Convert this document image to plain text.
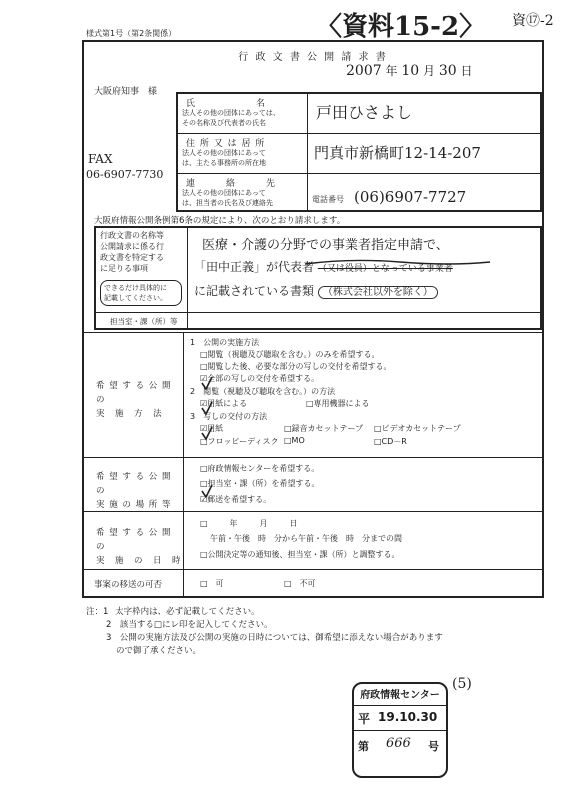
〈資料15-2〉 資⑰-2
様式第1号（第2条関係）
行 政 文 書 公 開 請 求 書
2007 年 10 月 30 日
大阪府知事　様
FAX
06-6907-7730
氏　　　　　　名
法人その他の団体にあっては、
その名称及び代表者の氏名
戸田ひさよし
住 所 又 は 居 所
法人その他の団体にあって
は、主たる事務所の所在地
門真市新橋町12-14-207
連　　　絡　　　先
法人その他の団体にあって
は、担当者の氏名及び連絡先	電話番号 (06)6907-7727
大阪府情報公開条例第6条の規定により、次のとおり請求します。
行政文書の名称等
公開請求に係る行
政文書を特定する
に足りる事項
できるだけ具体的に
記載してください。
医療・介護の分野での事業者指定申請で、
「田中正義」が代表者 （又は役員）となっている事業者
に記載されている書類 （株式会社以外を除く）
担当室・課（所）等
希 望 す る 公 開 の
実　施　方　法
1　公開の実施方法
□閲覧（視聴及び聴取を含む。）のみを希望する。
□閲覧した後、必要な部分の写しの交付を希望する。
☑全部の写しの交付を希望する。
2　閲覧（視聴及び聴取を含む。）の方法
☑用紙による	□専用機器による
3　写しの交付の方法
☑用紙	□録音カセットテープ □ビデオカセットテープ
□フロッピーディスク □MO	□CD－R
希 望 す る 公 開 の
実 施 の 場 所 等
□府政情報センターを希望する。
□担当室・課（所）を希望する。
☑郵送を希望する。
希 望 す る 公 開 の
実　施　の　日　時
□　　年　　月　　日
午前・午後　時　分から午前・午後　時　分までの間
□公開決定等の通知後、担当室・課（所）と調整する。
事案の移送の可否	□　可	□　不可
注：1 太字枠内は、必ず記載してください。
2　該当する□にレ印を記入してください。
3　公開の実施方法及び公開の実施の日時については、御希望に添えない場合があります
ので御了承ください。
府政情報センター
平 19.10.30
第 666 号
(5)
